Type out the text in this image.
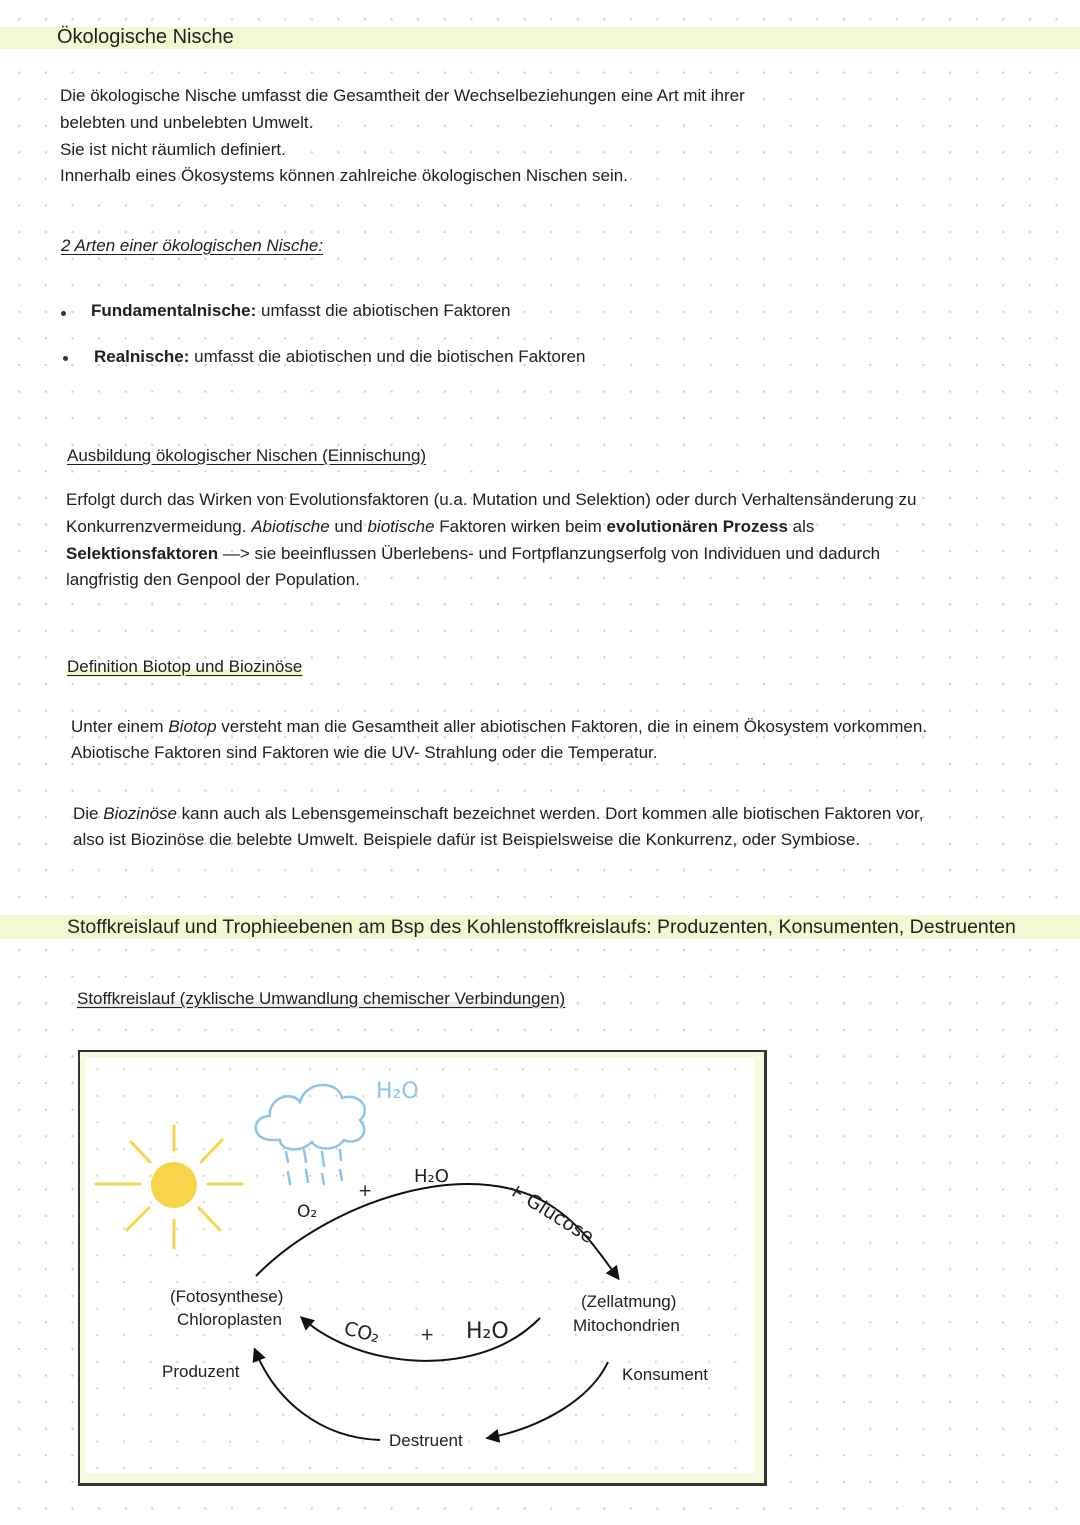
Ökologische Nische
Die ökologische Nische umfasst die Gesamtheit der Wechselbeziehungen eine Art mit ihrer
belebten und unbelebten Umwelt.
Sie ist nicht räumlich definiert.
Innerhalb eines Ökosystems können zahlreiche ökologischen Nischen sein.
2 Arten einer ökologischen Nische:
Fundamentalnische: umfasst die abiotischen Faktoren
Realnische: umfasst die abiotischen und die biotischen Faktoren
Ausbildung ökologischer Nischen (Einnischung)
Erfolgt durch das Wirken von Evolutionsfaktoren (u.a. Mutation und Selektion) oder durch Verhaltensänderung zu
Konkurrenzvermeidung. Abiotische und biotische Faktoren wirken beim evolutionären Prozess als
Selektionsfaktoren —> sie beeinflussen Überlebens- und Fortpflanzungserfolg von Individuen und dadurch
langfristig den Genpool der Population.
Definition Biotop und Biozinöse
Unter einem Biotop versteht man die Gesamtheit aller abiotischen Faktoren, die in einem Ökosystem vorkommen.
Abiotische Faktoren sind Faktoren wie die UV- Strahlung oder die Temperatur.
Die Biozinöse kann auch als Lebensgemeinschaft bezeichnet werden. Dort kommen alle biotischen Faktoren vor,
also ist Biozinöse die belebte Umwelt. Beispiele dafür ist Beispielsweise die Konkurrenz, oder Symbiose.
Stoffkreislauf und Trophieebenen am Bsp des Kohlenstoffkreislaufs: Produzenten, Konsumenten, Destruenten
Stoffkreislauf (zyklische Umwandlung chemischer Verbindungen)
H₂O
O₂
+
H₂O
+ Glucose
CO₂ + H₂O
(Fotosynthese)
Chloroplasten
(Zellatmung)
Mitochondrien
Produzent	Konsument
Destruent
